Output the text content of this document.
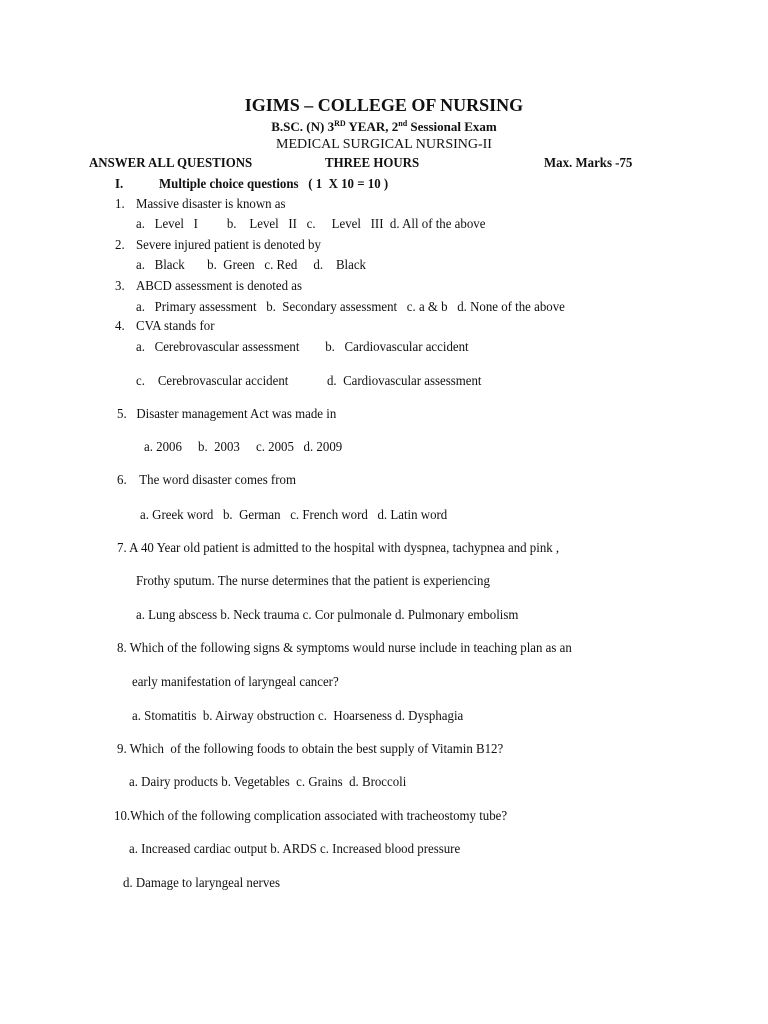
IGIMS – COLLEGE OF NURSING
B.SC. (N) 3RD YEAR, 2nd Sessional Exam
MEDICAL SURGICAL NURSING-II
ANSWER ALL QUESTIONS	THREE HOURS	Max. Marks -75
I.	Multiple choice questions   ( 1  X 10 = 10 )
1. Massive disaster is known as
a.   Level   I         b.    Level   II   c.     Level   III  d. All of the above
2. Severe injured patient is denoted by
a.   Black       b.  Green   c. Red     d.    Black
3. ABCD assessment is denoted as
a.   Primary assessment   b.  Secondary assessment   c. a & b   d. None of the above
4. CVA stands for
a.   Cerebrovascular assessment        b.   Cardiovascular accident
c.    Cerebrovascular accident            d.  Cardiovascular assessment
5.   Disaster management Act was made in
a. 2006     b.  2003     c. 2005   d. 2009
6.    The word disaster comes from
a. Greek word   b.  German   c. French word   d. Latin word
7. A 40 Year old patient is admitted to the hospital with dyspnea, tachypnea and pink ,
Frothy sputum. The nurse determines that the patient is experiencing
a. Lung abscess b. Neck trauma c. Cor pulmonale d. Pulmonary embolism
8. Which of the following signs & symptoms would nurse include in teaching plan as an
early manifestation of laryngeal cancer?
a. Stomatitis  b. Airway obstruction c.  Hoarseness d. Dysphagia
9. Which  of the following foods to obtain the best supply of Vitamin B12?
a. Dairy products b. Vegetables  c. Grains  d. Broccoli
10.Which of the following complication associated with tracheostomy tube?
a. Increased cardiac output b. ARDS c. Increased blood pressure
d. Damage to laryngeal nerves
